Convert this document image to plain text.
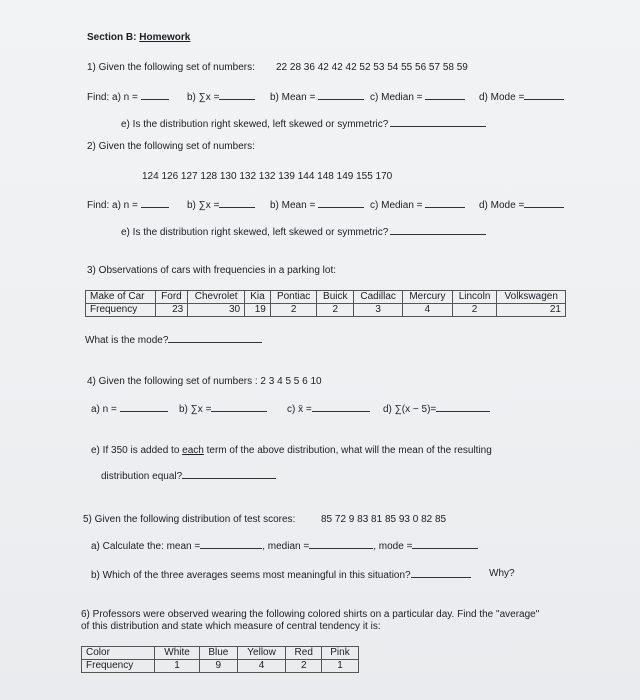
Section B: Homework
1) Given the following set of numbers: 22 28 36 42 42 42 52 53 54 55 56 57 58 59
Find: a) n =	b) ∑x =	b) Mean =	c) Median =	d) Mode =
e) Is the distribution right skewed, left skewed or symmetric?
2) Given the following set of numbers:
124 126 127 128 130 132 132 139 144 148 149 155 170
Find: a) n =	b) ∑x =	b) Mean =	c) Median =	d) Mode =
e) Is the distribution right skewed, left skewed or symmetric?
3) Observations of cars with frequencies in a parking lot:
Make of Car	Ford	Chevrolet	Kia	Pontiac	Buick	Cadillac	Mercury	Lincoln	Volkswagen
Frequency	23	30	19	2	2	3	4	2	21
What is the mode?
4) Given the following set of numbers : 2 3 4 5 5 6 10
a) n =	b) ∑x =	c) x̄ =	d) ∑(x − 5)=
e) If 350 is added to each term of the above distribution, what will the mean of the resulting
distribution equal?
5) Given the following distribution of test scores:	85 72 9 83 81 85 93 0 82 85
a) Calculate the: mean =	, median =	, mode =
b) Which of the three averages seems most meaningful in this situation?	Why?
6) Professors were observed wearing the following colored shirts on a particular day. Find the "average"
of this distribution and state which measure of central tendency it is:
Color	White	Blue	Yellow	Red	Pink
Frequency	1	9	4	2	1
